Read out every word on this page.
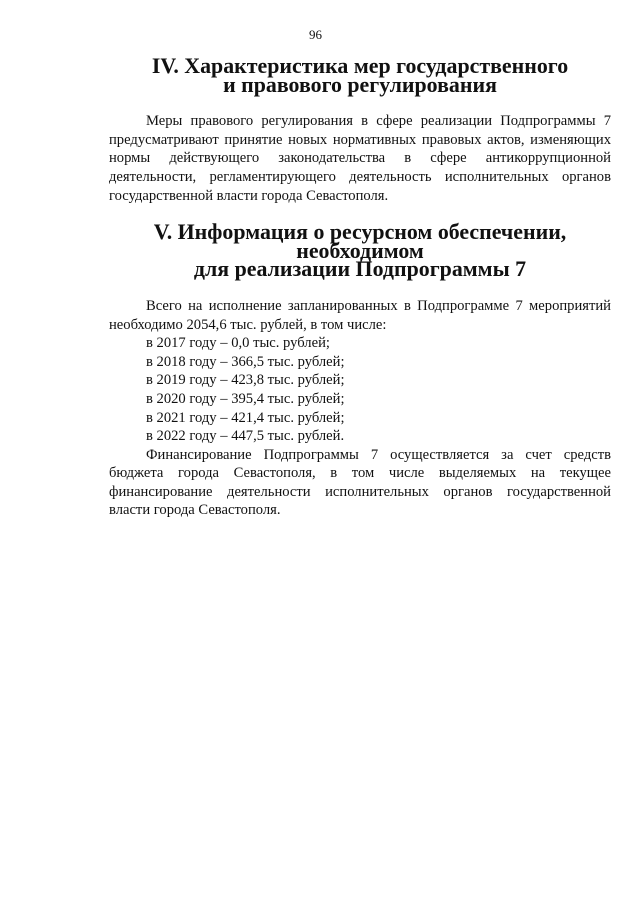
96
IV. Характеристика мер государственного
и правового регулирования

Меры правового регулирования в сфере реализации Подпрограммы 7 предусматривают принятие новых нормативных правовых актов, изменяющих нормы действующего законодательства в сфере антикоррупционной деятельности, регламентирующего деятельность исполнительных органов государственной власти города Севастополя.

V. Информация о ресурсном обеспечении, необходимом
для реализации Подпрограммы 7

Всего на исполнение запланированных в Подпрограмме 7 мероприятий необходимо 2054,6 тыс. рублей, в том числе:

в 2017 году – 0,0 тыс. рублей;

в 2018 году – 366,5 тыс. рублей;

в 2019 году – 423,8 тыс. рублей;

в 2020 году – 395,4 тыс. рублей;

в 2021 году – 421,4 тыс. рублей;

в 2022 году – 447,5 тыс. рублей.

Финансирование Подпрограммы 7 осуществляется за счет средств бюджета города Севастополя, в том числе выделяемых на текущее финансирование деятельности исполнительных органов государственной власти города Севастополя.
